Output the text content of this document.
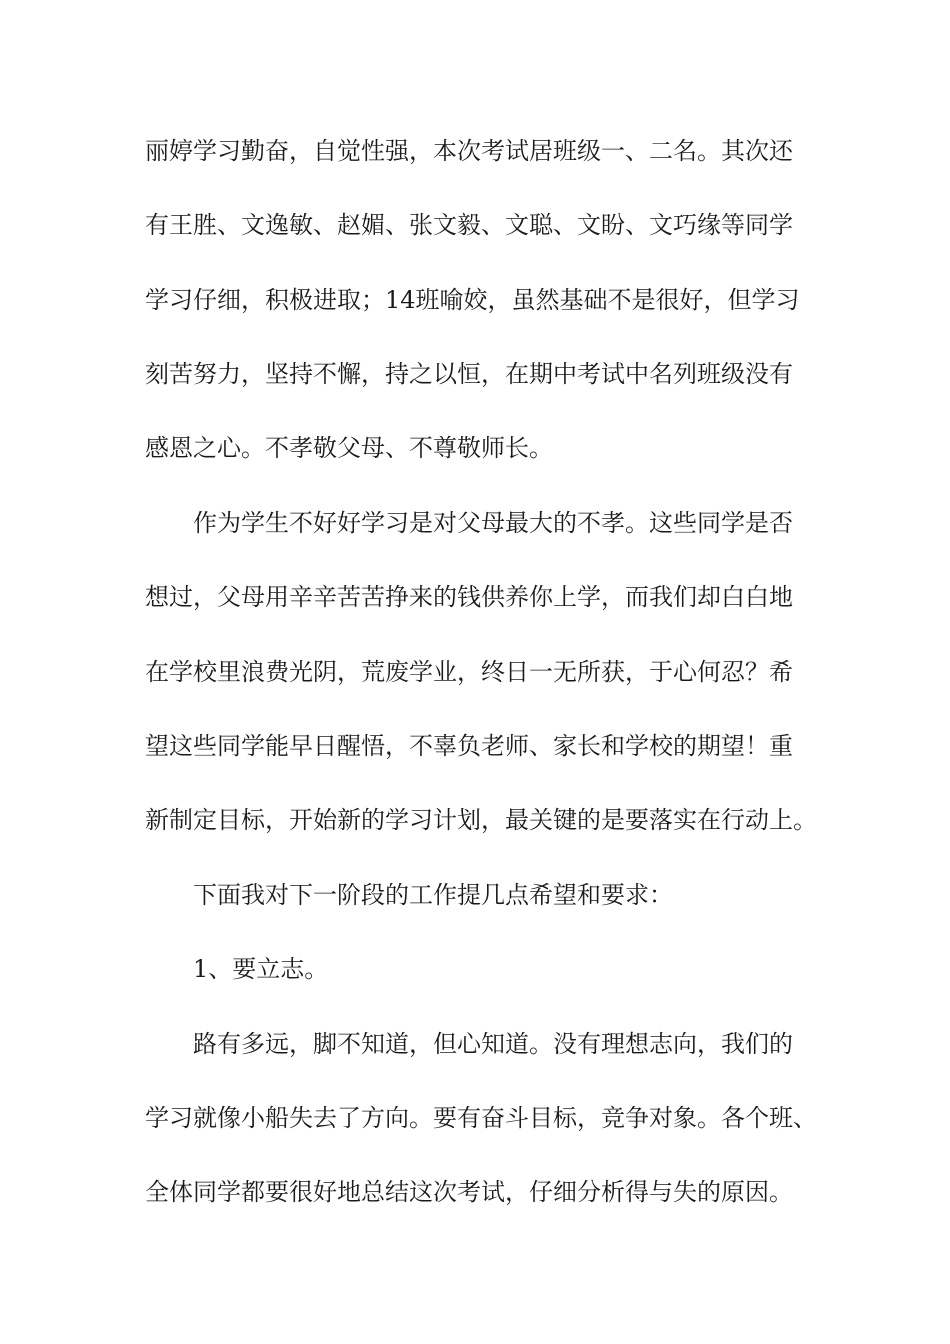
丽婷学习勤奋，自觉性强，本次考试居班级一、二名。其次还
有王胜、文逸敏、赵媚、张文毅、文聪、文盼、文巧缘等同学
学习仔细，积极进取；14班喻姣，虽然基础不是很好，但学习
刻苦努力，坚持不懈，持之以恒，在期中考试中名列班级没有
感恩之心。不孝敬父母、不尊敬师长。
作为学生不好好学习是对父母最大的不孝。这些同学是否
想过，父母用辛辛苦苦挣来的钱供养你上学，而我们却白白地
在学校里浪费光阴，荒废学业，终日一无所获，于心何忍？希
望这些同学能早日醒悟，不辜负老师、家长和学校的期望！重
新制定目标，开始新的学习计划，最关键的是要落实在行动上。
下面我对下一阶段的工作提几点希望和要求：
1、要立志。
路有多远，脚不知道，但心知道。没有理想志向，我们的
学习就像小船失去了方向。要有奋斗目标，竞争对象。各个班、
全体同学都要很好地总结这次考试，仔细分析得与失的原因。
